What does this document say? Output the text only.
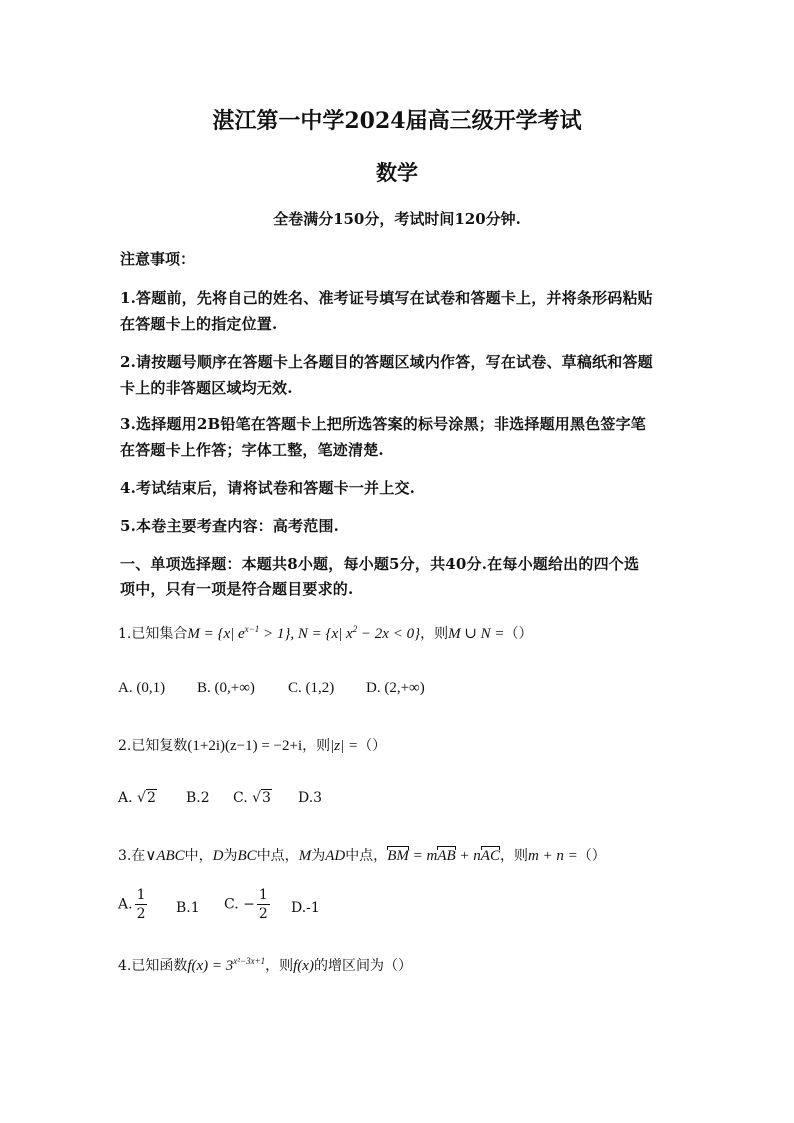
湛江第一中学2024届高三级开学考试
数学
全卷满分150分，考试时间120分钟.
注意事项：
1.答题前，先将自己的姓名、准考证号填写在试卷和答题卡上，并将条形码粘贴
在答题卡上的指定位置.
2.请按题号顺序在答题卡上各题目的答题区域内作答，写在试卷、草稿纸和答题
卡上的非答题区域均无效.
3.选择题用2B铅笔在答题卡上把所选答案的标号涂黑；非选择题用黑色签字笔
在答题卡上作答；字体工整，笔迹清楚.
4.考试结束后，请将试卷和答题卡一并上交.
5.本卷主要考查内容：高考范围.
一、单项选择题：本题共8小题，每小题5分，共40分.在每小题给出的四个选
项中，只有一项是符合题目要求的.
1.已知集合M = {x| $e^{x-1} > 1$}, N = {x| $x^2 - 2x < 0$}，则M ∪ N =（）
A. (0,1) B. (0,+∞) C. (1,2) D. (2,+∞)
2.已知复数(1+2i)(z−1) = −2+i，则|z| =（）
A. √2 B.2 C. √3 D.3
3.在∨ABC中，D为BC中点，M为AD中点，BM = mAB + nAC，则m + n =（）
A. $\frac{1}{2} B.1$ C. − $\frac{1}{2} D.-1$
4.已知函数$f(x) = 3^{x^2-3x+1}$，则f(x)的增区间为（）
